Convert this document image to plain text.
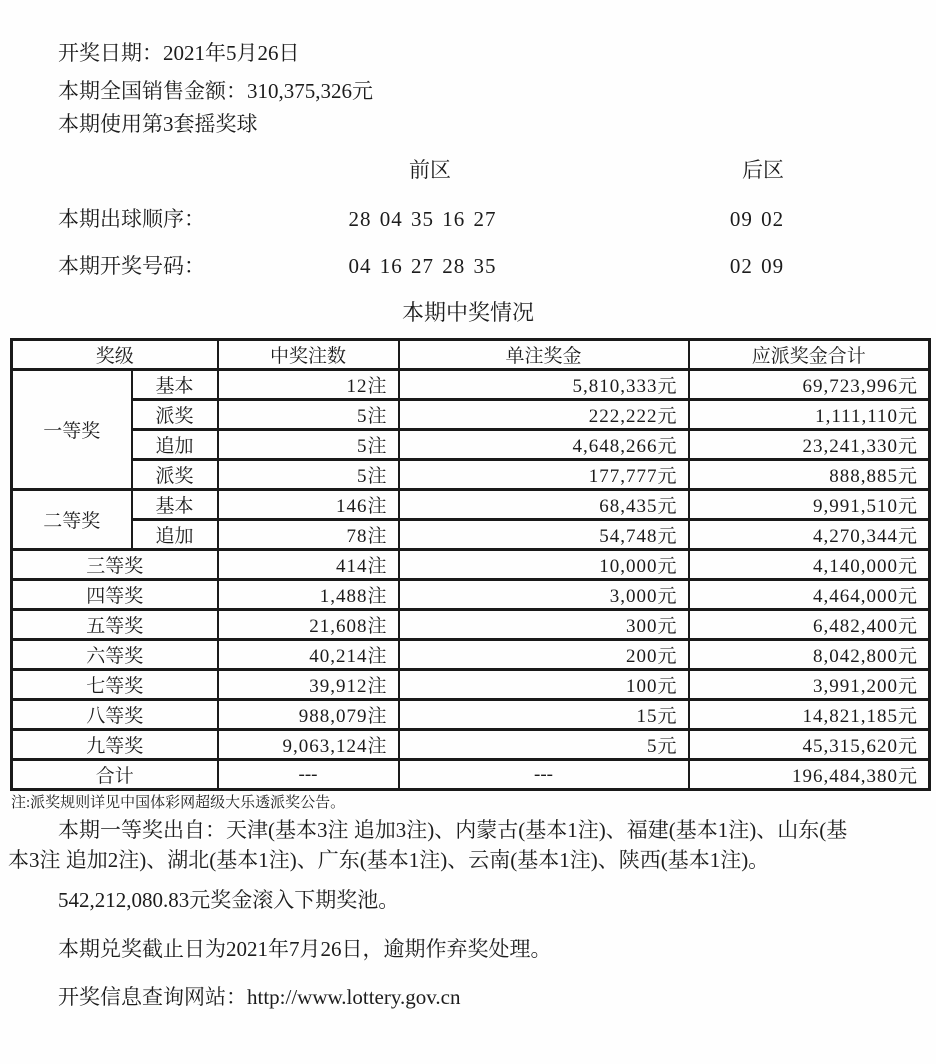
开奖日期：2021年5月26日
本期全国销售金额：310,375,326元
本期使用第3套摇奖球
前区	后区
本期出球顺序：	28 04 35 16 27	09 02
本期开奖号码：	04 16 27 28 35	02 09
本期中奖情况
奖级		中奖注数	单注奖金	应派奖金合计
一等奖	基本	12注	5,810,333元	69,723,996元
	派奖	5注	222,222元	1,111,110元
	追加	5注	4,648,266元	23,241,330元
	派奖	5注	177,777元	888,885元
二等奖	基本	146注	68,435元	9,991,510元
	追加	78注	54,748元	4,270,344元
三等奖		414注	10,000元	4,140,000元
四等奖		1,488注	3,000元	4,464,000元
五等奖		21,608注	300元	6,482,400元
六等奖		40,214注	200元	8,042,800元
七等奖		39,912注	100元	3,991,200元
八等奖		988,079注	15元	14,821,185元
九等奖		9,063,124注	5元	45,315,620元
合计		---	---	196,484,380元
注:派奖规则详见中国体彩网超级大乐透派奖公告。
本期一等奖出自：天津(基本3注 追加3注)、内蒙古(基本1注)、福建(基本1注)、山东(基
本3注 追加2注)、湖北(基本1注)、广东(基本1注)、云南(基本1注)、陕西(基本1注)。
542,212,080.83元奖金滚入下期奖池。
本期兑奖截止日为2021年7月26日，逾期作弃奖处理。
开奖信息查询网站：http://www.lottery.gov.cn
